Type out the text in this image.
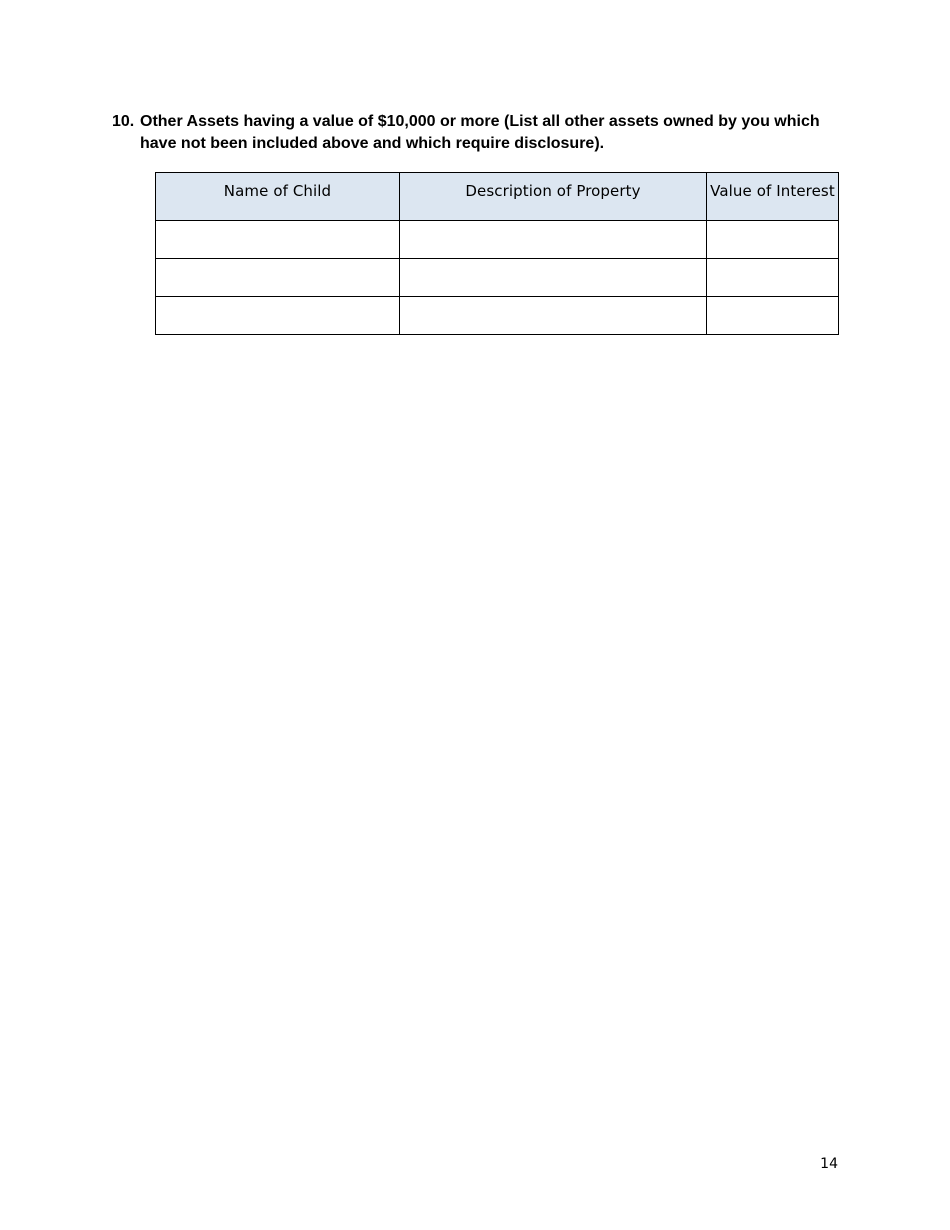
10. Other Assets having a value of $10,000 or more (List all other assets owned by you which have not been included above and which require disclosure).
Name of Child	Description of Property	Value of Interest

14
